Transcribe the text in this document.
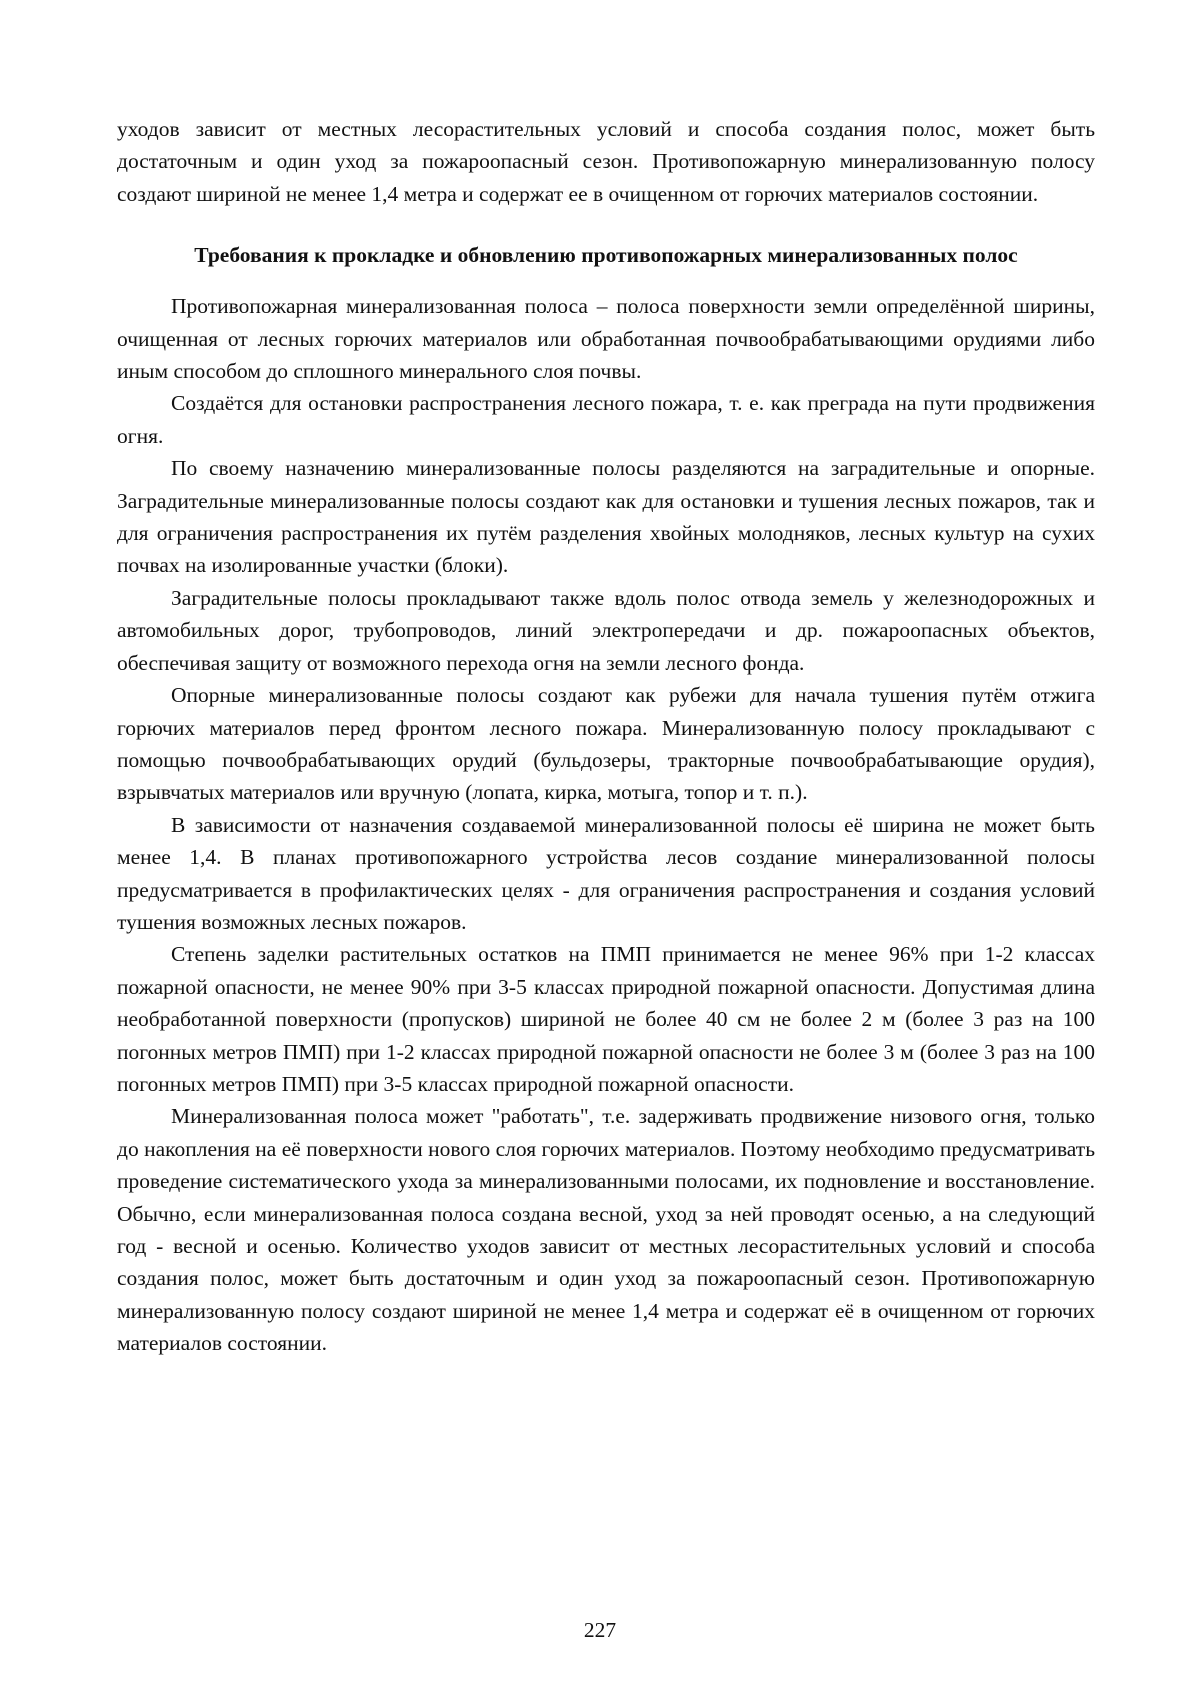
уходов зависит от местных лесорастительных условий и способа создания полос, может быть достаточным и один уход за пожароопасный сезон. Противопожарную минерализованную полосу создают шириной не менее 1,4 метра и содержат ее в очищенном от горючих материалов состоянии.

Требования к прокладке и обновлению противопожарных минерализованных полос

Противопожарная минерализованная полоса – полоса поверхности земли определённой ширины, очищенная от лесных горючих материалов или обработанная почвообрабатывающими орудиями либо иным способом до сплошного минерального слоя почвы.

Создаётся для остановки распространения лесного пожара, т. е. как преграда на пути продвижения огня.

По своему назначению минерализованные полосы разделяются на заградительные и опорные. Заградительные минерализованные полосы создают как для остановки и тушения лесных пожаров, так и для ограничения распространения их путём разделения хвойных молодняков, лесных культур на сухих почвах на изолированные участки (блоки).

Заградительные полосы прокладывают также вдоль полос отвода земель у железнодорожных и автомобильных дорог, трубопроводов, линий электропередачи и др. пожароопасных объектов, обеспечивая защиту от возможного перехода огня на земли лесного фонда.

Опорные минерализованные полосы создают как рубежи для начала тушения путём отжига горючих материалов перед фронтом лесного пожара. Минерализованную полосу прокладывают с помощью почвообрабатывающих орудий (бульдозеры, тракторные почвообрабатывающие орудия), взрывчатых материалов или вручную (лопата, кирка, мотыга, топор и т. п.).

В зависимости от назначения создаваемой минерализованной полосы её ширина не может быть менее 1,4. В планах противопожарного устройства лесов создание минерализованной полосы предусматривается в профилактических целях - для ограничения распространения и создания условий тушения возможных лесных пожаров.

Степень заделки растительных остатков на ПМП принимается не менее 96% при 1-2 классах пожарной опасности, не менее 90% при 3-5 классах природной пожарной опасности. Допустимая длина необработанной поверхности (пропусков) шириной не более 40 см не более 2 м (более 3 раз на 100 погонных метров ПМП) при 1-2 классах природной пожарной опасности не более 3 м (более 3 раз на 100 погонных метров ПМП) при 3-5 классах природной пожарной опасности.

Минерализованная полоса может "работать", т.е. задерживать продвижение низового огня, только до накопления на её поверхности нового слоя горючих материалов. Поэтому необходимо предусматривать проведение систематического ухода за минерализованными полосами, их подновление и восстановление. Обычно, если минерализованная полоса создана весной, уход за ней проводят осенью, а на следующий год - весной и осенью. Количество уходов зависит от местных лесорастительных условий и способа создания полос, может быть достаточным и один уход за пожароопасный сезон. Противопожарную минерализованную полосу создают шириной не менее 1,4 метра и содержат её в очищенном от горючих материалов состоянии.

227
